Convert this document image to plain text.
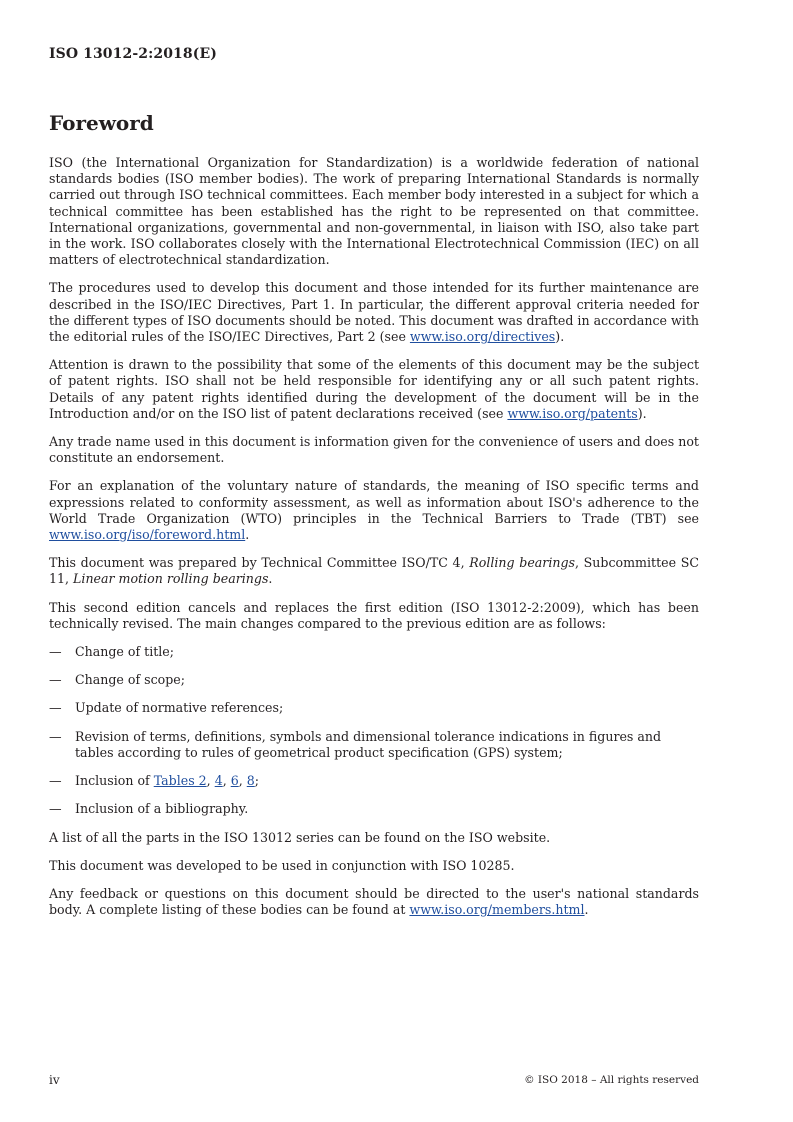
ISO 13012-2:2018(E)
Foreword

ISO (the International Organization for Standardization) is a worldwide federation of national standards bodies (ISO member bodies). The work of preparing International Standards is normally carried out through ISO technical committees. Each member body interested in a subject for which a technical committee has been established has the right to be represented on that committee. International organizations, governmental and non-governmental, in liaison with ISO, also take part in the work. ISO collaborates closely with the International Electrotechnical Commission (IEC) on all matters of electrotechnical standardization.

The procedures used to develop this document and those intended for its further maintenance are described in the ISO/IEC Directives, Part 1. In particular, the different approval criteria needed for the different types of ISO documents should be noted. This document was drafted in accordance with the editorial rules of the ISO/IEC Directives, Part 2 (see www.iso.org/directives).

Attention is drawn to the possibility that some of the elements of this document may be the subject of patent rights. ISO shall not be held responsible for identifying any or all such patent rights. Details of any patent rights identified during the development of the document will be in the Introduction and/or on the ISO list of patent declarations received (see www.iso.org/patents).

Any trade name used in this document is information given for the convenience of users and does not constitute an endorsement.

For an explanation of the voluntary nature of standards, the meaning of ISO specific terms and expressions related to conformity assessment, as well as information about ISO's adherence to the World Trade Organization (WTO) principles in the Technical Barriers to Trade (TBT) see www.iso.org/iso/foreword.html.

This document was prepared by Technical Committee ISO/TC 4, Rolling bearings, Subcommittee SC 11, Linear motion rolling bearings.

This second edition cancels and replaces the first edition (ISO 13012-2:2009), which has been technically revised. The main changes compared to the previous edition are as follows:

—	Change of title;
—	Change of scope;
—	Update of normative references;
—	Revision of terms, definitions, symbols and dimensional tolerance indications in figures and tables according to rules of geometrical product specification (GPS) system;
—	Inclusion of Tables 2, 4, 6, 8;
—	Inclusion of a bibliography.

A list of all the parts in the ISO 13012 series can be found on the ISO website.

This document was developed to be used in conjunction with ISO 10285.

Any feedback or questions on this document should be directed to the user's national standards body. A complete listing of these bodies can be found at www.iso.org/members.html.

iv	© ISO 2018 – All rights reserved
